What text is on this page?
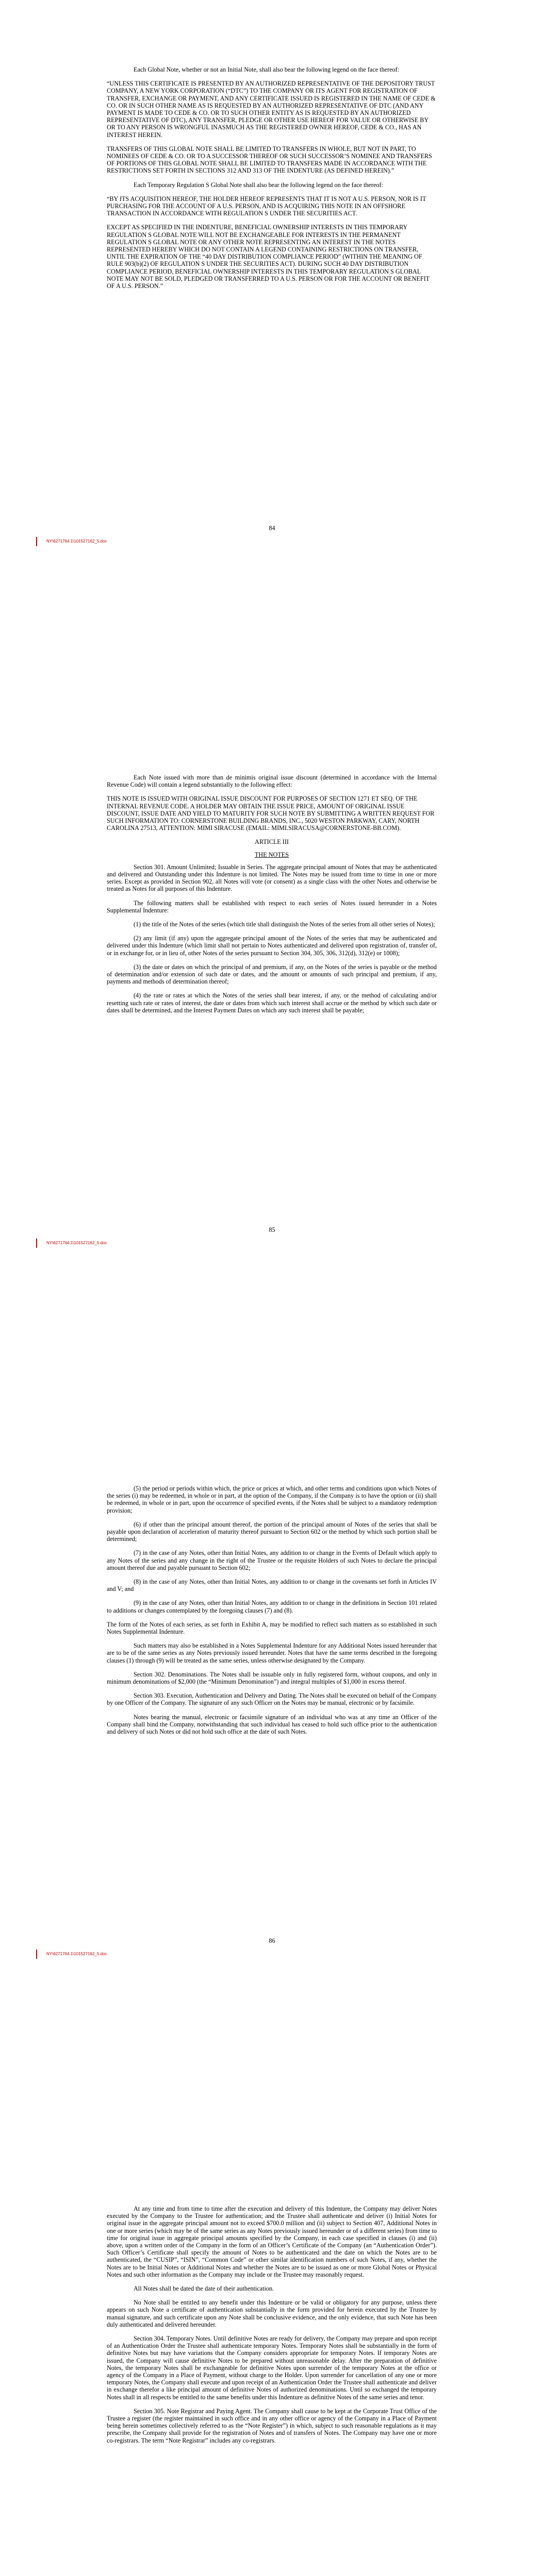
Each Global Note, whether or not an Initial Note, shall also bear the following legend on the face thereof:

“UNLESS THIS CERTIFICATE IS PRESENTED BY AN AUTHORIZED REPRESENTATIVE OF THE DEPOSITORY TRUST COMPANY, A NEW YORK CORPORATION (“DTC”) TO THE COMPANY OR ITS AGENT FOR REGISTRATION OF TRANSFER, EXCHANGE OR PAYMENT, AND ANY CERTIFICATE ISSUED IS REGISTERED IN THE NAME OF CEDE & CO. OR IN SUCH OTHER NAME AS IS REQUESTED BY AN AUTHORIZED REPRESENTATIVE OF DTC (AND ANY PAYMENT IS MADE TO CEDE & CO. OR TO SUCH OTHER ENTITY AS IS REQUESTED BY AN AUTHORIZED REPRESENTATIVE OF DTC), ANY TRANSFER, PLEDGE OR OTHER USE HEREOF FOR VALUE OR OTHERWISE BY OR TO ANY PERSON IS WRONGFUL INASMUCH AS THE REGISTERED OWNER HEREOF, CEDE & CO., HAS AN INTEREST HEREIN.

TRANSFERS OF THIS GLOBAL NOTE SHALL BE LIMITED TO TRANSFERS IN WHOLE, BUT NOT IN PART, TO NOMINEES OF CEDE & CO. OR TO A SUCCESSOR THEREOF OR SUCH SUCCESSOR’S NOMINEE AND TRANSFERS OF PORTIONS OF THIS GLOBAL NOTE SHALL BE LIMITED TO TRANSFERS MADE IN ACCORDANCE WITH THE RESTRICTIONS SET FORTH IN SECTIONS 312 AND 313 OF THE INDENTURE (AS DEFINED HEREIN).”

Each Temporary Regulation S Global Note shall also bear the following legend on the face thereof:

“BY ITS ACQUISITION HEREOF, THE HOLDER HEREOF REPRESENTS THAT IT IS NOT A U.S. PERSON, NOR IS IT PURCHASING FOR THE ACCOUNT OF A U.S. PERSON, AND IS ACQUIRING THIS NOTE IN AN OFFSHORE TRANSACTION IN ACCORDANCE WITH REGULATION S UNDER THE SECURITIES ACT.

EXCEPT AS SPECIFIED IN THE INDENTURE, BENEFICIAL OWNERSHIP INTERESTS IN THIS TEMPORARY REGULATION S GLOBAL NOTE WILL NOT BE EXCHANGEABLE FOR INTERESTS IN THE PERMANENT REGULATION S GLOBAL NOTE OR ANY OTHER NOTE REPRESENTING AN INTEREST IN THE NOTES REPRESENTED HEREBY WHICH DO NOT CONTAIN A LEGEND CONTAINING RESTRICTIONS ON TRANSFER, UNTIL THE EXPIRATION OF THE “40 DAY DISTRIBUTION COMPLIANCE PERIOD” (WITHIN THE MEANING OF RULE 903(b)(2) OF REGULATION S UNDER THE SECURITIES ACT). DURING SUCH 40 DAY DISTRIBUTION COMPLIANCE PERIOD, BENEFICIAL OWNERSHIP INTERESTS IN THIS TEMPORARY REGULATION S GLOBAL NOTE MAY NOT BE SOLD, PLEDGED OR TRANSFERRED TO A U.S. PERSON OR FOR THE ACCOUNT OR BENEFIT OF A U.S. PERSON.”

84
NY\6271764.1\101527162_5.doc

Each Note issued with more than de minimis original issue discount (determined in accordance with the Internal Revenue Code) will contain a legend substantially to the following effect:

THIS NOTE IS ISSUED WITH ORIGINAL ISSUE DISCOUNT FOR PURPOSES OF SECTION 1271 ET SEQ. OF THE INTERNAL REVENUE CODE. A HOLDER MAY OBTAIN THE ISSUE PRICE, AMOUNT OF ORIGINAL ISSUE DISCOUNT, ISSUE DATE AND YIELD TO MATURITY FOR SUCH NOTE BY SUBMITTING A WRITTEN REQUEST FOR SUCH INFORMATION TO: CORNERSTONE BUILDING BRANDS, INC., 5020 WESTON PARKWAY, CARY, NORTH CAROLINA 27513, ATTENTION: MIMI SIRACUSE (EMAIL: MIMI.SIRACUSA@CORNERSTONE-BB.COM).

ARTICLE III
THE NOTES

Section 301. Amount Unlimited; Issuable in Series. The aggregate principal amount of Notes that may be authenticated and delivered and Outstanding under this Indenture is not limited. The Notes may be issued from time to time in one or more series. Except as provided in Section 902, all Notes will vote (or consent) as a single class with the other Notes and otherwise be treated as Notes for all purposes of this Indenture.

The following matters shall be established with respect to each series of Notes issued hereunder in a Notes Supplemental Indenture:

(1) the title of the Notes of the series (which title shall distinguish the Notes of the series from all other series of Notes);

(2) any limit (if any) upon the aggregate principal amount of the Notes of the series that may be authenticated and delivered under this Indenture (which limit shall not pertain to Notes authenticated and delivered upon registration of, transfer of, or in exchange for, or in lieu of, other Notes of the series pursuant to Section 304, 305, 306, 312(d), 312(e) or 1008);

(3) the date or dates on which the principal of and premium, if any, on the Notes of the series is payable or the method of determination and/or extension of such date or dates, and the amount or amounts of such principal and premium, if any, payments and methods of determination thereof;

(4) the rate or rates at which the Notes of the series shall bear interest, if any, or the method of calculating and/or resetting such rate or rates of interest, the date or dates from which such interest shall accrue or the method by which such date or dates shall be determined, and the Interest Payment Dates on which any such interest shall be payable;

85
NY\6271764.1\101527162_5.doc

(5) the period or periods within which, the price or prices at which, and other terms and conditions upon which Notes of the series (i) may be redeemed, in whole or in part, at the option of the Company, if the Company is to have the option or (ii) shall be redeemed, in whole or in part, upon the occurrence of specified events, if the Notes shall be subject to a mandatory redemption provision;

(6) if other than the principal amount thereof, the portion of the principal amount of Notes of the series that shall be payable upon declaration of acceleration of maturity thereof pursuant to Section 602 or the method by which such portion shall be determined;

(7) in the case of any Notes, other than Initial Notes, any addition to or change in the Events of Default which apply to any Notes of the series and any change in the right of the Trustee or the requisite Holders of such Notes to declare the principal amount thereof due and payable pursuant to Section 602;

(8) in the case of any Notes, other than Initial Notes, any addition to or change in the covenants set forth in Articles IV and V; and

(9) in the case of any Notes, other than Initial Notes, any addition to or change in the definitions in Section 101 related to additions or changes contemplated by the foregoing clauses (7) and (8).

The form of the Notes of each series, as set forth in Exhibit A, may be modified to reflect such matters as so established in such Notes Supplemental Indenture.

Such matters may also be established in a Notes Supplemental Indenture for any Additional Notes issued hereunder that are to be of the same series as any Notes previously issued hereunder. Notes that have the same terms described in the foregoing clauses (1) through (9) will be treated as the same series, unless otherwise designated by the Company.

Section 302. Denominations. The Notes shall be issuable only in fully registered form, without coupons, and only in minimum denominations of $2,000 (the “Minimum Denomination”) and integral multiples of $1,000 in excess thereof.

Section 303. Execution, Authentication and Delivery and Dating. The Notes shall be executed on behalf of the Company by one Officer of the Company. The signature of any such Officer on the Notes may be manual, electronic or by facsimile.

Notes bearing the manual, electronic or facsimile signature of an individual who was at any time an Officer of the Company shall bind the Company, notwithstanding that such individual has ceased to hold such office prior to the authentication and delivery of such Notes or did not hold such office at the date of such Notes.

86
NY\6271764.1\101527162_5.doc

At any time and from time to time after the execution and delivery of this Indenture, the Company may deliver Notes executed by the Company to the Trustee for authentication; and the Trustee shall authenticate and deliver (i) Initial Notes for original issue in the aggregate principal amount not to exceed $700.0 million and (ii) subject to Section 407, Additional Notes in one or more series (which may be of the same series as any Notes previously issued hereunder or of a different series) from time to time for original issue in aggregate principal amounts specified by the Company, in each case specified in clauses (i) and (ii) above, upon a written order of the Company in the form of an Officer’s Certificate of the Company (an “Authentication Order”). Such Officer’s Certificate shall specify the amount of Notes to be authenticated and the date on which the Notes are to be authenticated, the “CUSIP”, “ISIN”, “Common Code” or other similar identification numbers of such Notes, if any, whether the Notes are to be Initial Notes or Additional Notes and whether the Notes are to be issued as one or more Global Notes or Physical Notes and such other information as the Company may include or the Trustee may reasonably request.

All Notes shall be dated the date of their authentication.

No Note shall be entitled to any benefit under this Indenture or be valid or obligatory for any purpose, unless there appears on such Note a certificate of authentication substantially in the form provided for herein executed by the Trustee by manual signature, and such certificate upon any Note shall be conclusive evidence, and the only evidence, that such Note has been duly authenticated and delivered hereunder.

Section 304. Temporary Notes. Until definitive Notes are ready for delivery, the Company may prepare and upon receipt of an Authentication Order the Trustee shall authenticate temporary Notes. Temporary Notes shall be substantially in the form of definitive Notes but may have variations that the Company considers appropriate for temporary Notes. If temporary Notes are issued, the Company will cause definitive Notes to be prepared without unreasonable delay. After the preparation of definitive Notes, the temporary Notes shall be exchangeable for definitive Notes upon surrender of the temporary Notes at the office or agency of the Company in a Place of Payment, without charge to the Holder. Upon surrender for cancellation of any one or more temporary Notes, the Company shall execute and upon receipt of an Authentication Order the Trustee shall authenticate and deliver in exchange therefor a like principal amount of definitive Notes of authorized denominations. Until so exchanged the temporary Notes shall in all respects be entitled to the same benefits under this Indenture as definitive Notes of the same series and tenor.

Section 305. Note Registrar and Paying Agent. The Company shall cause to be kept at the Corporate Trust Office of the Trustee a register (the register maintained in such office and in any other office or agency of the Company in a Place of Payment being herein sometimes collectively referred to as the “Note Register”) in which, subject to such reasonable regulations as it may prescribe, the Company shall provide for the registration of Notes and of transfers of Notes. The Company may have one or more co-registrars. The term “Note Registrar” includes any co-registrars.
